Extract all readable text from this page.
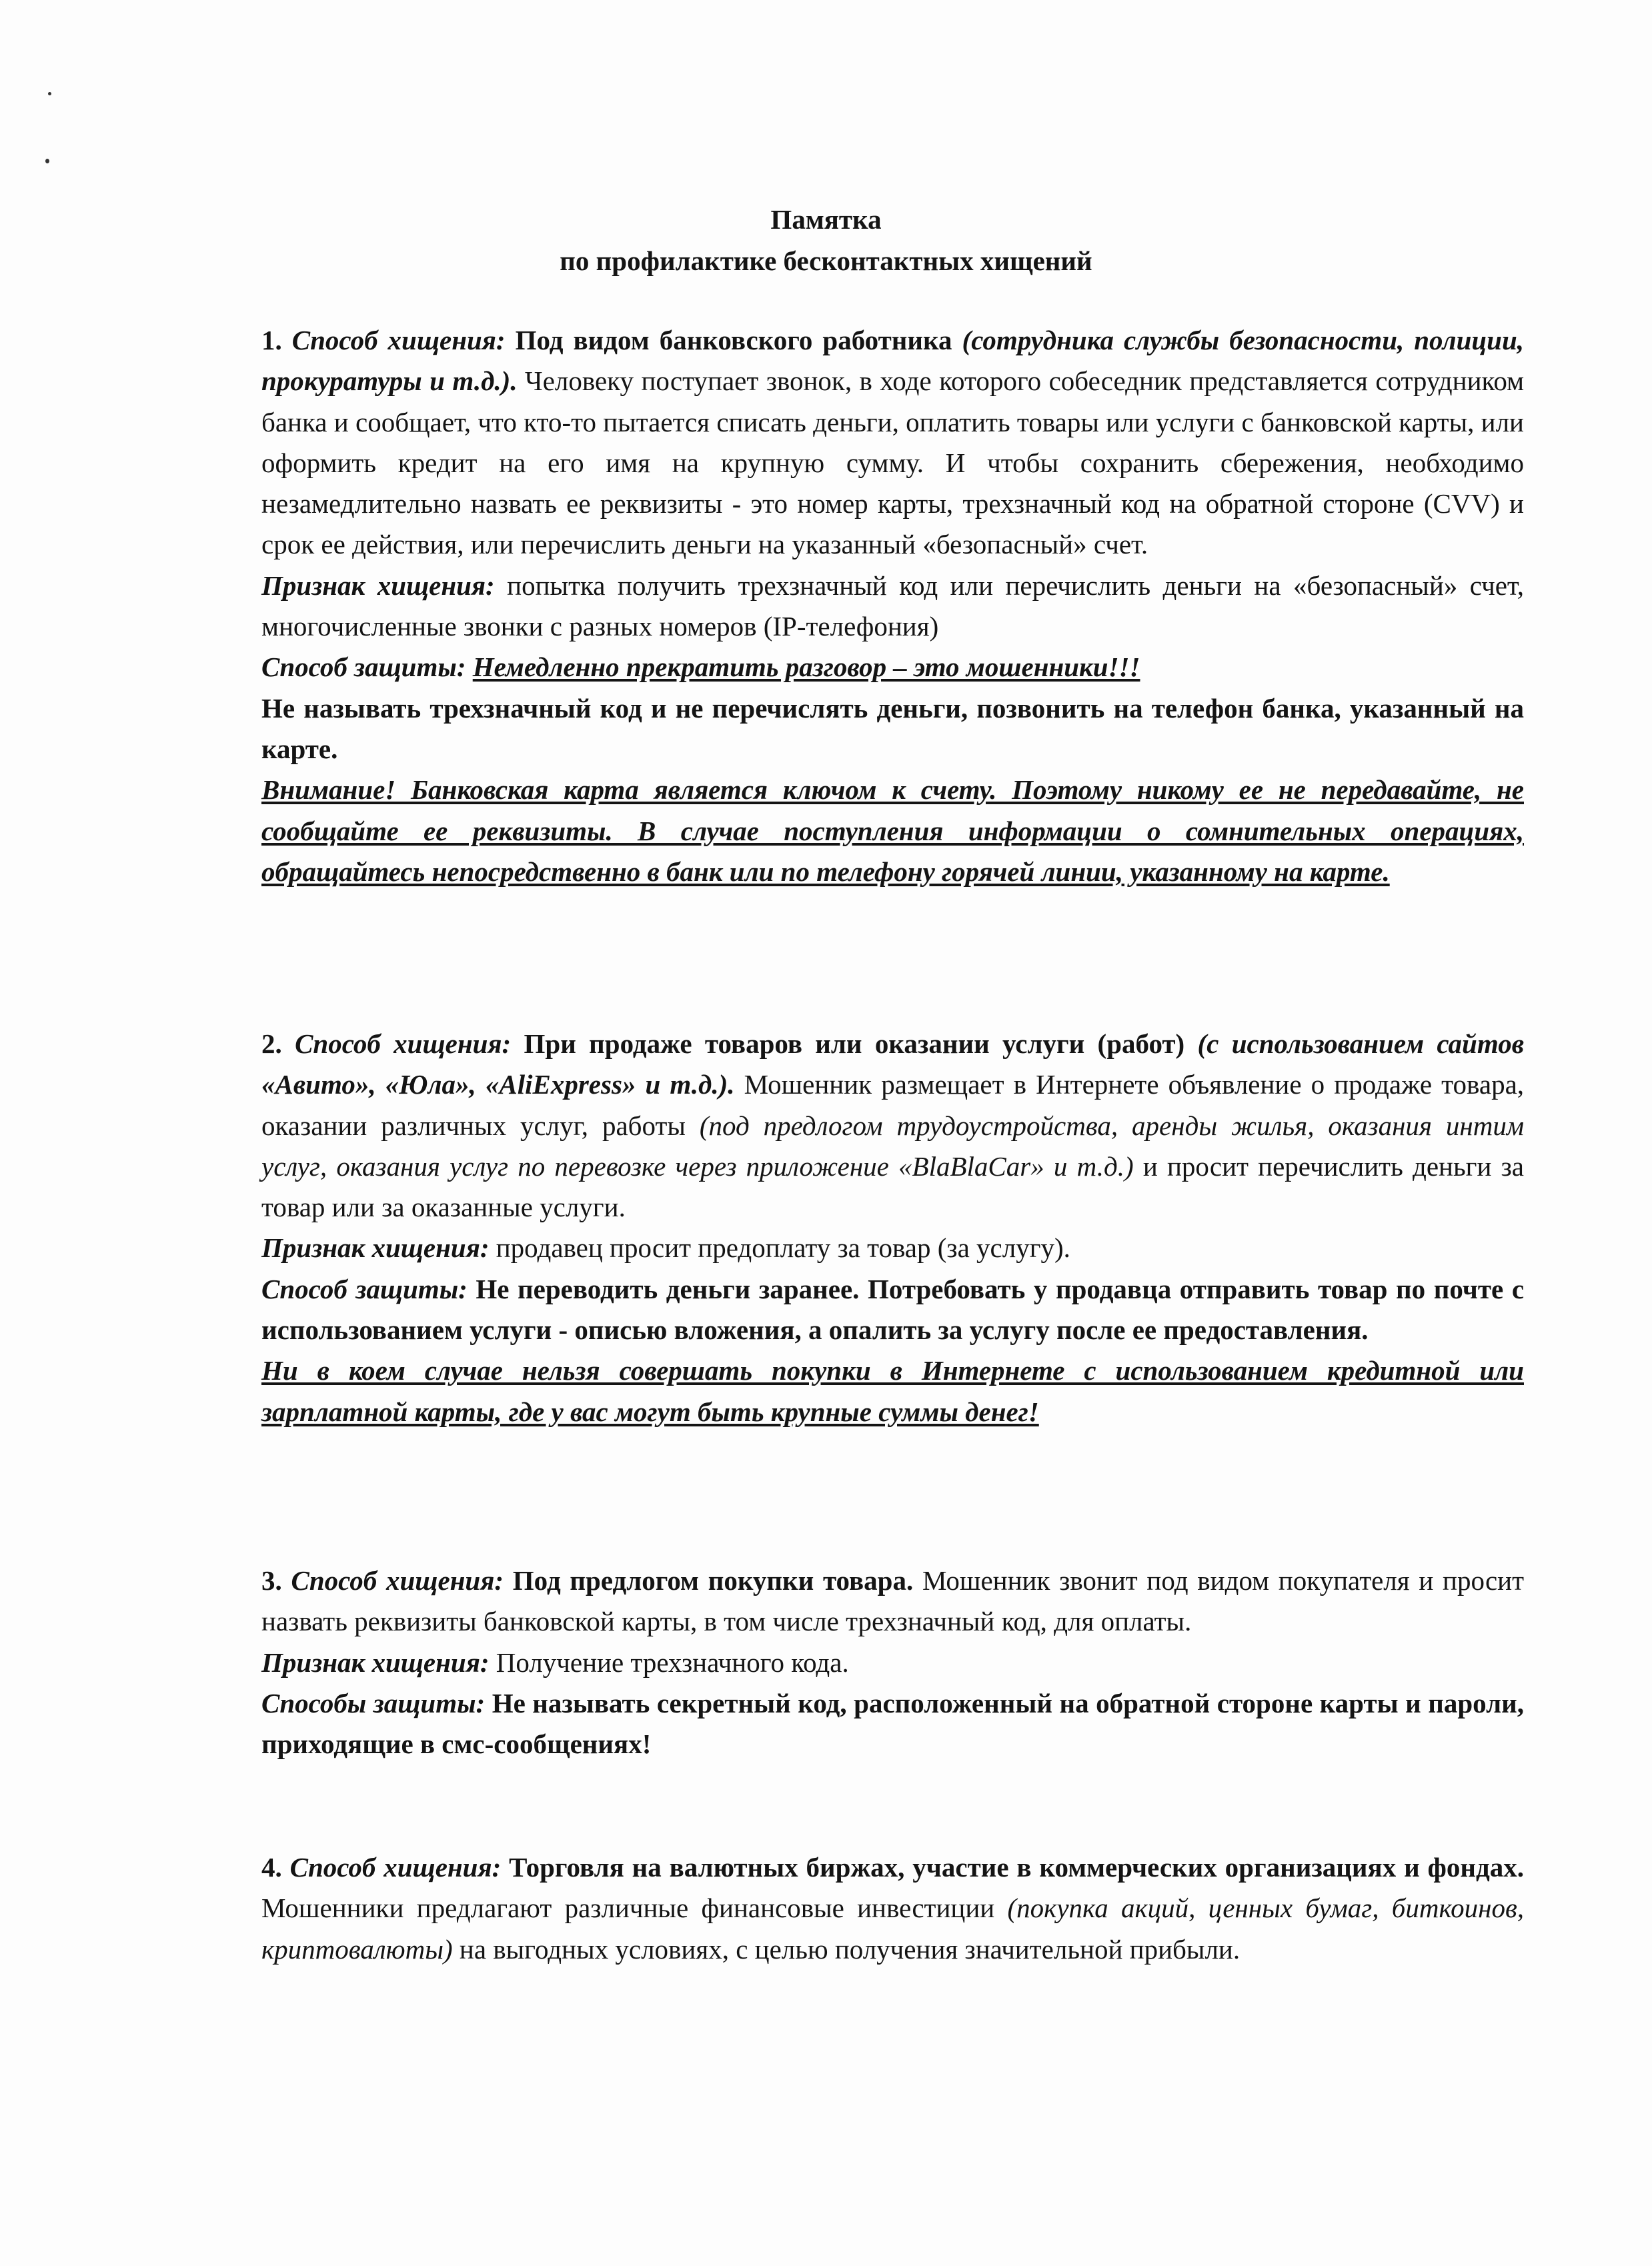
Памятка
по профилактике бесконтактных хищений

1. Способ хищения: Под видом банковского работника (сотрудника службы безопасности, полиции, прокуратуры и т.д.). Человеку поступает звонок, в ходе которого собеседник представляется сотрудником банка и сообщает, что кто-то пытается списать деньги, оплатить товары или услуги с банковской карты, или оформить кредит на его имя на крупную сумму. И чтобы сохранить сбережения, необходимо незамедлительно назвать ее реквизиты - это номер карты, трехзначный код на обратной стороне (CVV) и срок ее действия, или перечислить деньги на указанный «безопасный» счет.

Признак хищения: попытка получить трехзначный код или перечислить деньги на «безопасный» счет, многочисленные звонки с разных номеров (IP-телефония)

Способ защиты: Немедленно прекратить разговор – это мошенники!!!

Не называть трехзначный код и не перечислять деньги, позвонить на телефон банка, указанный на карте.

Внимание! Банковская карта является ключом к счету. Поэтому никому ее не передавайте, не сообщайте ее реквизиты. В случае поступления информации о сомнительных операциях, обращайтесь непосредственно в банк или по телефону горячей линии, указанному на карте.

2. Способ хищения: При продаже товаров или оказании услуги (работ) (с использованием сайтов «Авито», «Юла», «AliExpress» и т.д.). Мошенник размещает в Интернете объявление о продаже товара, оказании различных услуг, работы (под предлогом трудоустройства, аренды жилья, оказания интим услуг, оказания услуг по перевозке через приложение «BlaBlaCar» и т.д.) и просит перечислить деньги за товар или за оказанные услуги.

Признак хищения: продавец просит предоплату за товар (за услугу).

Способ защиты: Не переводить деньги заранее. Потребовать у продавца отправить товар по почте с использованием услуги - описью вложения, а опалить за услугу после ее предоставления.

Ни в коем случае нельзя совершать покупки в Интернете с использованием кредитной или зарплатной карты, где у вас могут быть крупные суммы денег!

3. Способ хищения: Под предлогом покупки товара. Мошенник звонит под видом покупателя и просит назвать реквизиты банковской карты, в том числе трехзначный код, для оплаты.

Признак хищения: Получение трехзначного кода.

Способы защиты: Не называть секретный код, расположенный на обратной стороне карты и пароли, приходящие в смс-сообщениях!

4. Способ хищения: Торговля на валютных биржах, участие в коммерческих организациях и фондах. Мошенники предлагают различные финансовые инвестиции (покупка акций, ценных бумаг, биткоинов, криптовалюты) на выгодных условиях, с целью получения значительной прибыли.
